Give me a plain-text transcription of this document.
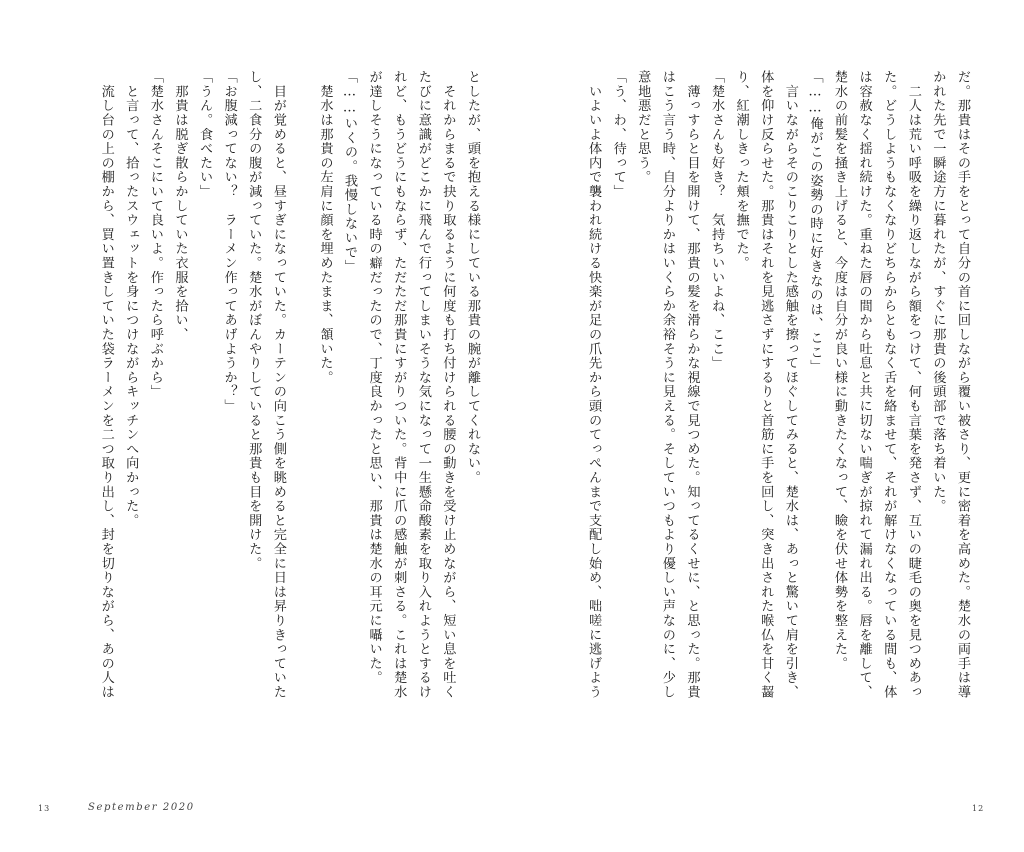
としたが、頭を抱える様にしている那貴の腕が離してくれない。
　それからまるで抉り取るように何度も打ち付けられる腰の動きを受け止めながら、短い息を吐く
たびに意識がどこかに飛んで行ってしまいそうな気になって一生懸命酸素を取り入れようとするけ
れど、もうどうにもならず、ただただ那貴にすがりついた。背中に爪の感触が刺さる。これは楚水
が達しそうになっている時の癖だったので、丁度良かったと思い、那貴は楚水の耳元に囁いた。
「……いくの。我慢しないで」
　楚水は那貴の左肩に顔を埋めたまま、頷いた。
　目が覚めると、昼すぎになっていた。カーテンの向こう側を眺めると完全に日は昇りきっていた
し、二食分の腹が減っていた。楚水がぼんやりしていると那貴も目を開けた。
「お腹減ってない？　ラーメン作ってあげようか？」
「うん。食べたい」
　那貴は脱ぎ散らかしていた衣服を拾い、
「楚水さんそこにいて良いよ。作ったら呼ぶから」
　と言って、拾ったスウェットを身につけながらキッチンへ向かった。
　流し台の上の棚から、買い置きしていた袋ラーメンを二つ取り出し、封を切りながら、あの人は	だ。那貴はその手をとって自分の首に回しながら覆い被さり、更に密着を高めた。楚水の両手は導
かれた先で一瞬途方に暮れたが、すぐに那貴の後頭部で落ち着いた。
　二人は荒い呼吸を繰り返しながら額をつけて、何も言葉を発さず、互いの睫毛の奥を見つめあっ
た。どうしようもなくなりどちらからともなく舌を絡ませて、それが解けなくなっている間も、体
は容赦なく揺れ続けた。重ねた唇の間から吐息と共に切ない喘ぎが掠れて漏れ出る。唇を離して、
楚水の前髪を掻き上げると、今度は自分が良い様に動きたくなって、瞼を伏せ体勢を整えた。
「……俺がこの姿勢の時に好きなのは、ここ」
　言いながらそのこりこりとした感触を擦ってほぐしてみると、楚水は、あっと驚いて肩を引き、
体を仰け反らせた。那貴はそれを見逃さずにするりと首筋に手を回し、突き出された喉仏を甘く齧
り、紅潮しきった頬を撫でた。
「楚水さんも好き？　気持ちいいよね、ここ」
　薄っすらと目を開けて、那貴の髪を滑らかな視線で見つめた。知ってるくせに、と思った。那貴
はこう言う時、自分よりかはいくらか余裕そうに見える。そしていつもより優しい声なのに、少し
意地悪だと思う。
「う、わ、待って」
　いよいよ体内で襲われ続ける快楽が足の爪先から頭のてっぺんまで支配し始め、咄嗟に逃げよう
13	September 2020	12
